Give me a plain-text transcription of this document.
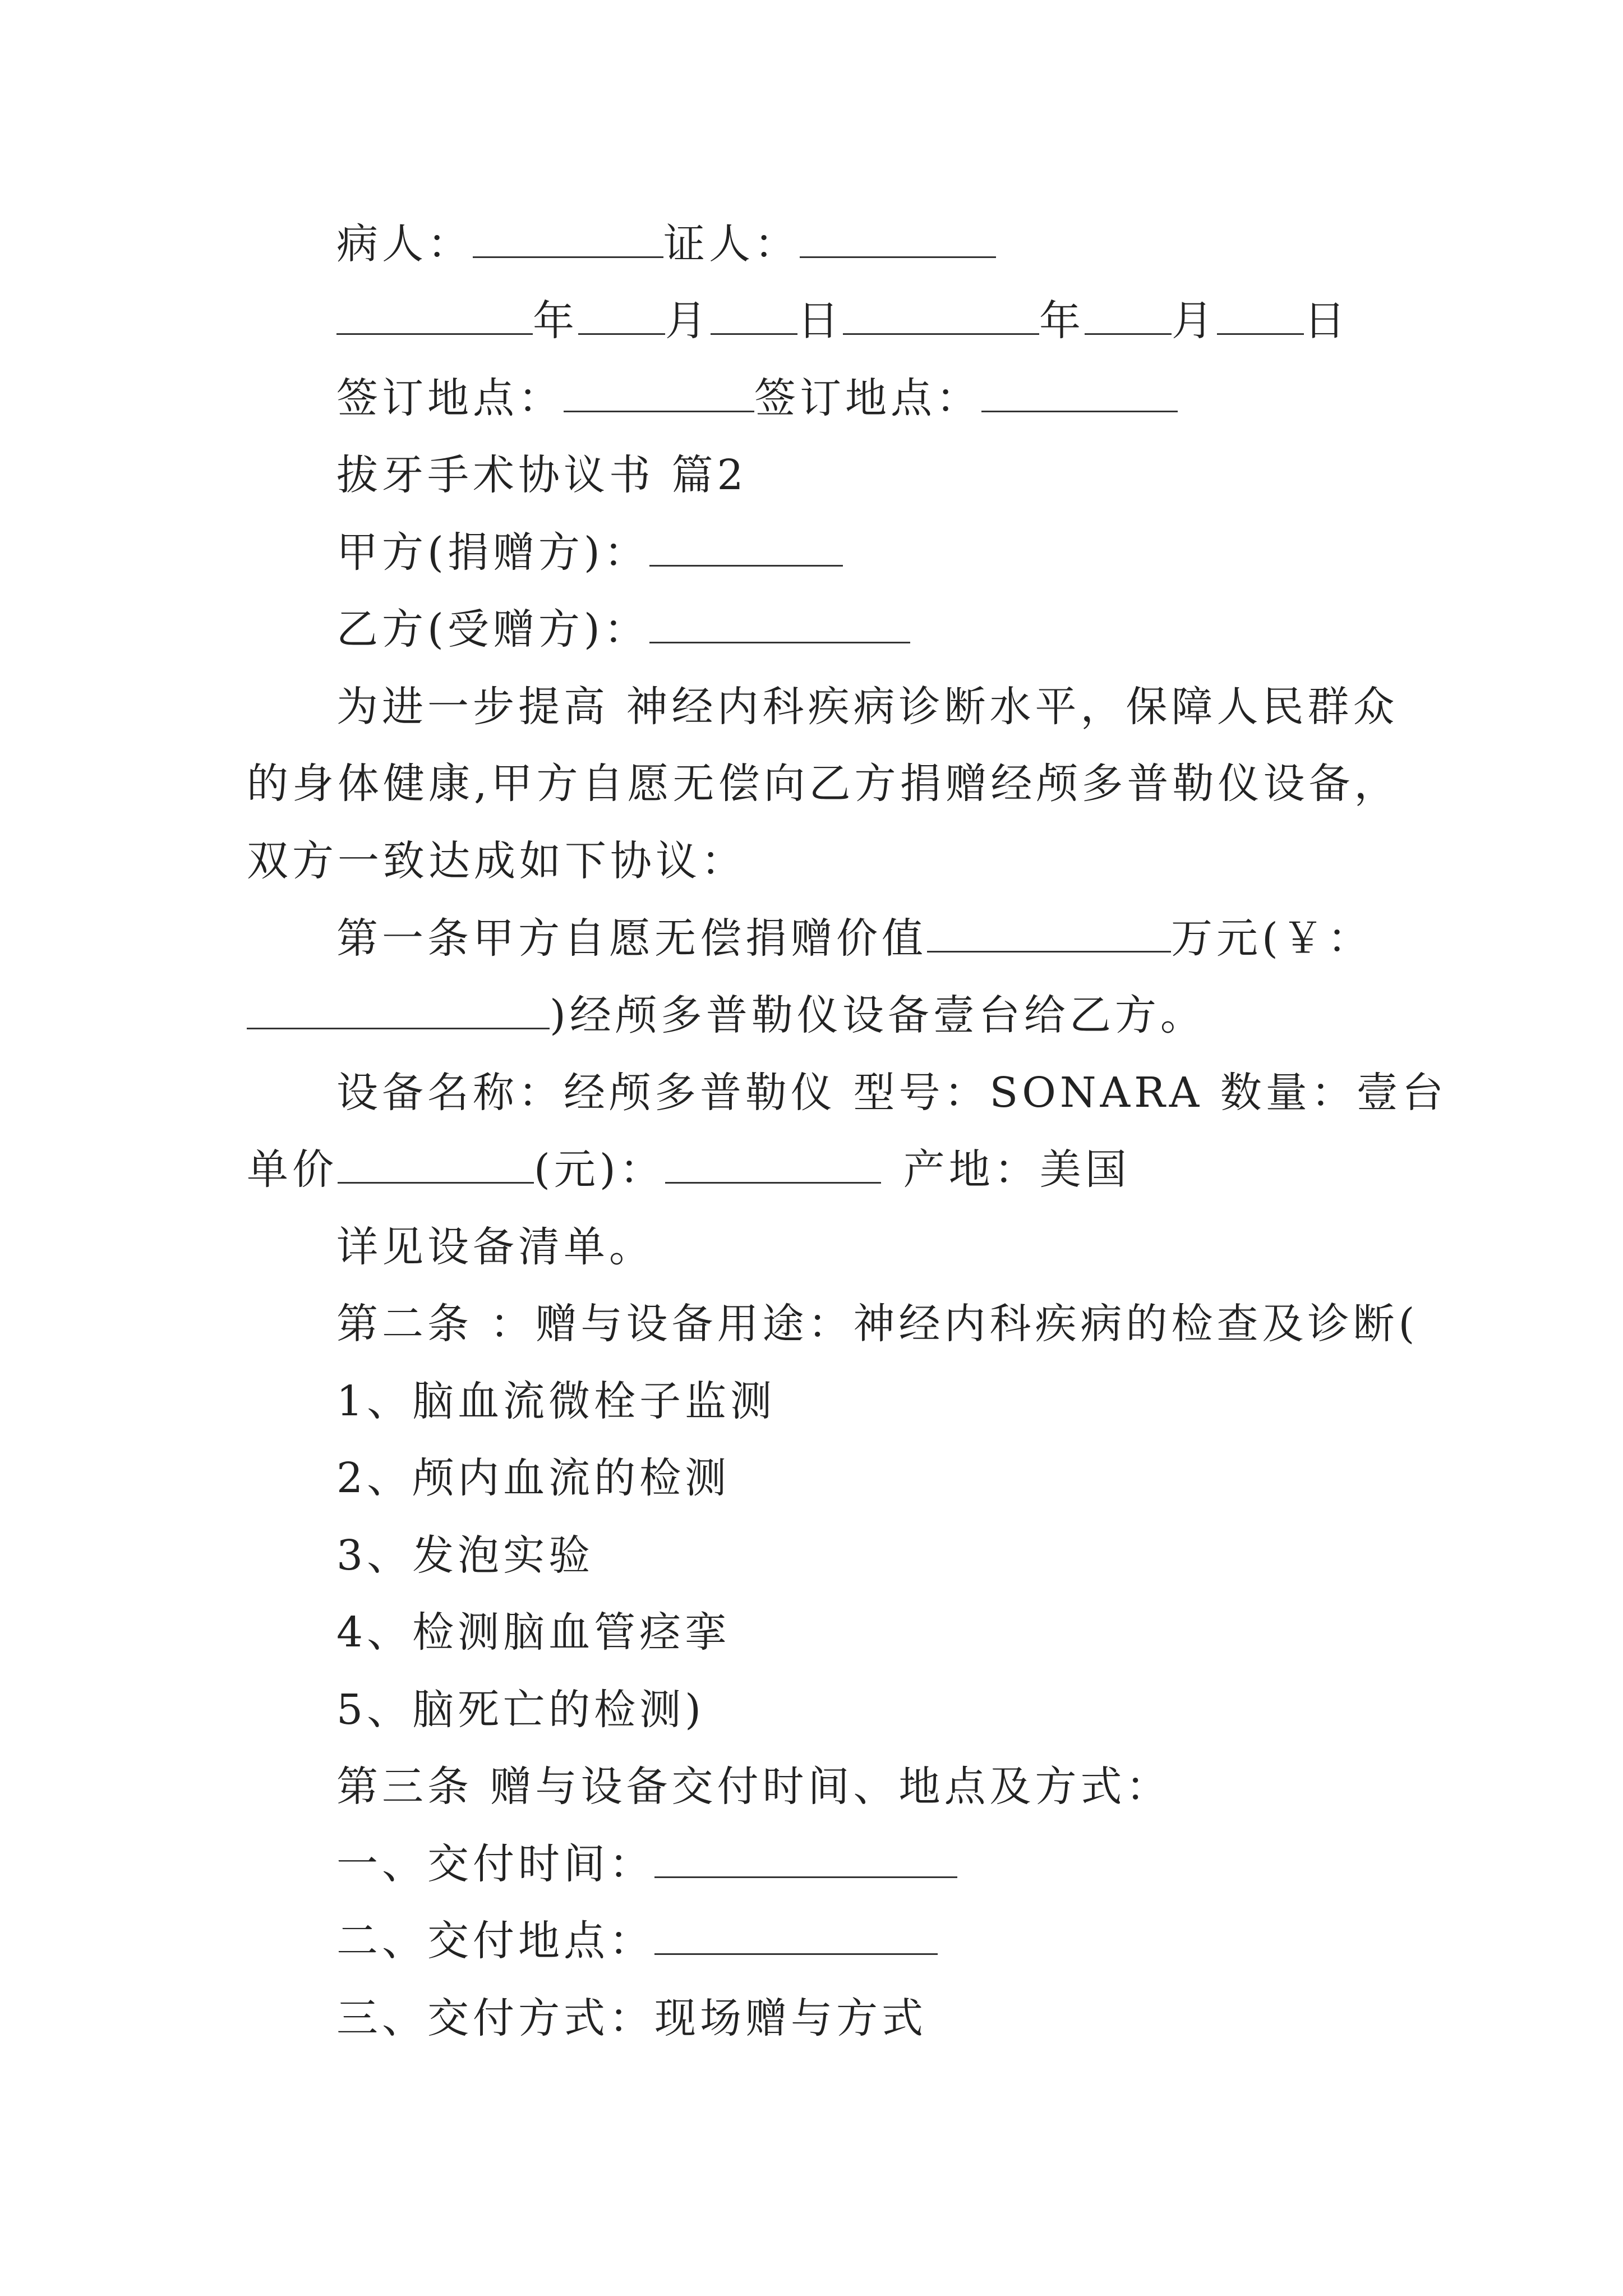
病人：	证人：
年 月 日	年 月 日
签订地点：	签订地点：
拔牙手术协议书 篇2
甲方(捐赠方)：
乙方(受赠方)：
为进一步提高 神经内科疾病诊断水平，保障人民群众
的身体健康,甲方自愿无偿向乙方捐赠经颅多普勒仪设备，
双方一致达成如下协议：
第一条甲方自愿无偿捐赠价值	万元(￥：
)经颅多普勒仪设备壹台给乙方。
设备名称：经颅多普勒仪 型号：SONARA 数量：壹台
单价	(元)：	产地：美国
详见设备清单。
第二条 ：赠与设备用途：神经内科疾病的检查及诊断(
1、脑血流微栓子监测
2、颅内血流的检测
3、发泡实验
4、检测脑血管痉挛
5、脑死亡的检测)
第三条 赠与设备交付时间、地点及方式：
一、交付时间：
二、交付地点：
三、交付方式：现场赠与方式
